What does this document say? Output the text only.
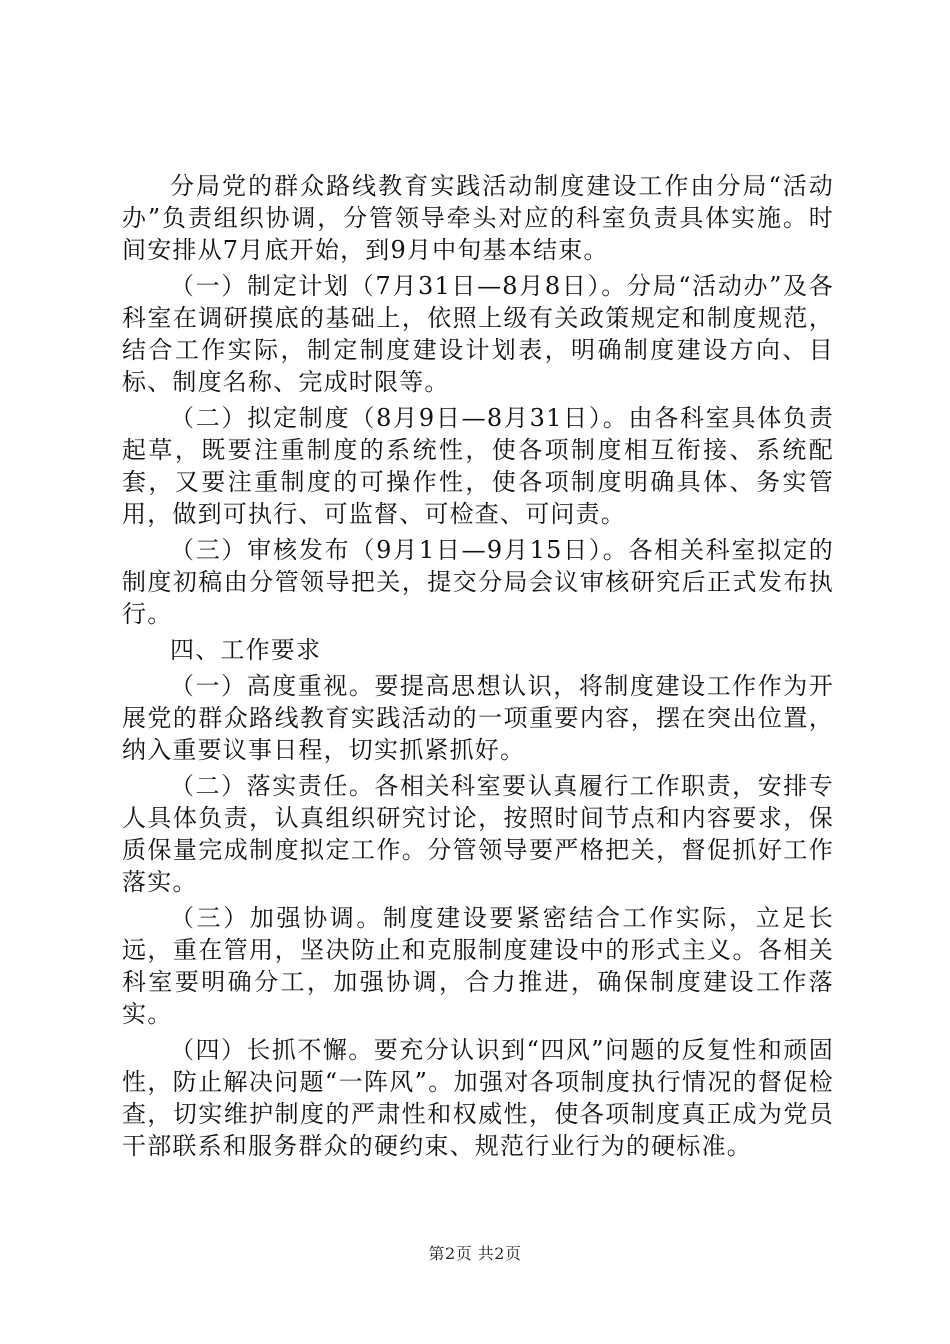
分局党的群众路线教育实践活动制度建设工作由分局“活动办”负责组织协调，分管领导牵头对应的科室负责具体实施。时间安排从7月底开始，到9月中旬基本结束。

（一）制定计划（7月31日—8月8日）。分局“活动办”及各科室在调研摸底的基础上，依照上级有关政策规定和制度规范，结合工作实际，制定制度建设计划表，明确制度建设方向、目标、制度名称、完成时限等。

（二）拟定制度（8月9日—8月31日）。由各科室具体负责起草，既要注重制度的系统性，使各项制度相互衔接、系统配套，又要注重制度的可操作性，使各项制度明确具体、务实管用，做到可执行、可监督、可检查、可问责。

（三）审核发布（9月1日—9月15日）。各相关科室拟定的制度初稿由分管领导把关，提交分局会议审核研究后正式发布执行。

四、工作要求

（一）高度重视。要提高思想认识，将制度建设工作作为开展党的群众路线教育实践活动的一项重要内容，摆在突出位置，纳入重要议事日程，切实抓紧抓好。

（二）落实责任。各相关科室要认真履行工作职责，安排专人具体负责，认真组织研究讨论，按照时间节点和内容要求，保质保量完成制度拟定工作。分管领导要严格把关，督促抓好工作落实。

（三）加强协调。制度建设要紧密结合工作实际，立足长远，重在管用，坚决防止和克服制度建设中的形式主义。各相关科室要明确分工，加强协调，合力推进，确保制度建设工作落实。

（四）长抓不懈。要充分认识到“四风”问题的反复性和顽固性，防止解决问题“一阵风”。加强对各项制度执行情况的督促检查，切实维护制度的严肃性和权威性，使各项制度真正成为党员干部联系和服务群众的硬约束、规范行业行为的硬标准。

第2页 共2页
